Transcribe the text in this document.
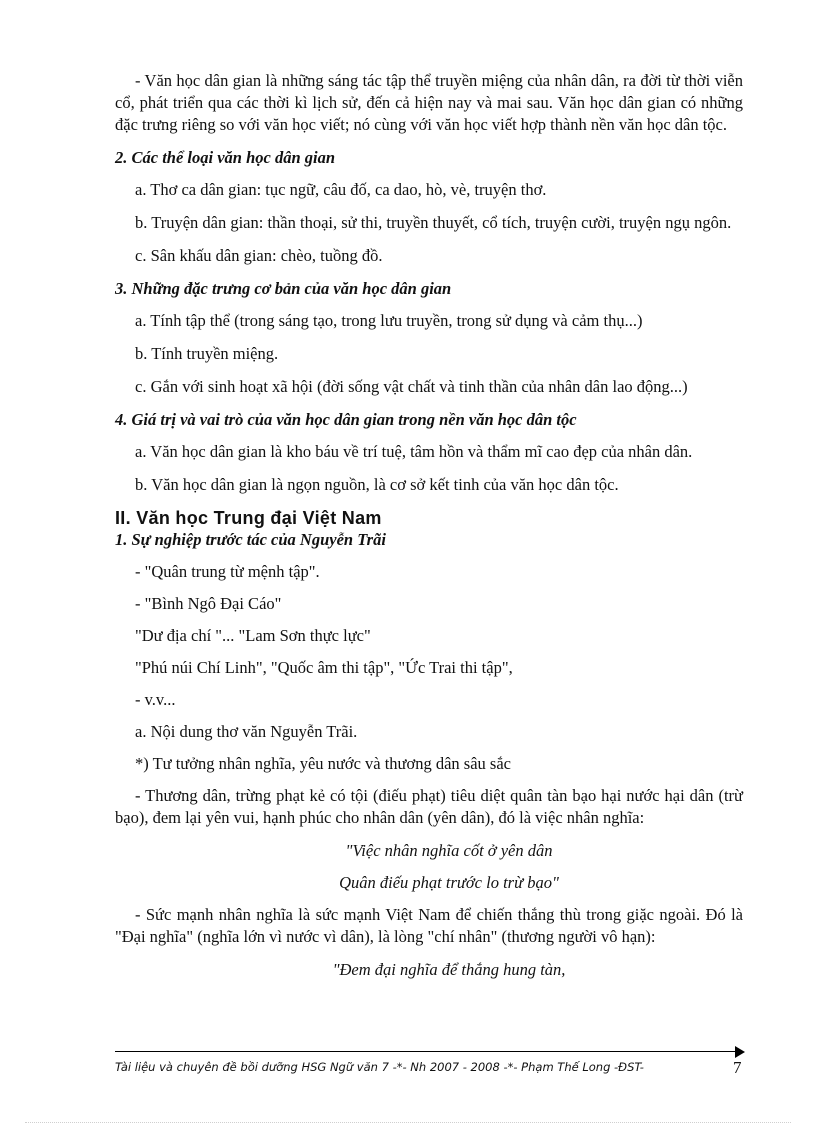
- Văn học dân gian là những sáng tác tập thể truyền miệng của nhân dân, ra đời từ thời viễn cổ, phát triển qua các thời kì lịch sử, đến cả hiện nay và mai sau. Văn học dân gian có những đặc trưng riêng so với văn học viết; nó cùng với văn học viết hợp thành nền văn học dân tộc.

2. Các thể loại văn học dân gian

a. Thơ ca dân gian: tục ngữ, câu đố, ca dao, hò, vè, truyện thơ.

b. Truyện dân gian: thần thoại, sử thi, truyền thuyết, cổ tích, truyện cười, truyện ngụ ngôn.

c. Sân khấu dân gian: chèo, tuồng đồ.

3. Những đặc trưng cơ bản của văn học dân gian

a. Tính tập thể (trong sáng tạo, trong lưu truyền, trong sử dụng và cảm thụ...)

b. Tính truyền miệng.

c. Gắn với sinh hoạt xã hội (đời sống vật chất và tinh thần của nhân dân lao động...)

4. Giá trị và vai trò của văn học dân gian trong nền văn học dân tộc

a. Văn học dân gian là kho báu về trí tuệ, tâm hồn và thẩm mĩ cao đẹp của nhân dân.

b. Văn học dân gian là ngọn nguồn, là cơ sở kết tinh của văn học dân tộc.

II. Văn học Trung đại Việt Nam
1. Sự nghiệp trước tác của Nguyễn Trãi

- "Quân trung từ mệnh tập".

- "Bình Ngô Đại Cáo"

"Dư địa chí "... "Lam Sơn thực lực"

"Phú núi Chí Linh", "Quốc âm thi tập", "Ức Trai thi tập",

- v.v...

a. Nội dung thơ văn Nguyễn Trãi.

*) Tư tưởng nhân nghĩa, yêu nước và thương dân sâu sắc

- Thương dân, trừng phạt kẻ có tội (điếu phạt) tiêu diệt quân tàn bạo hại nước hại dân (trừ bạo), đem lại yên vui, hạnh phúc cho nhân dân (yên dân), đó là việc nhân nghĩa:

"Việc nhân nghĩa cốt ở yên dân
Quân điếu phạt trước lo trừ bạo"

- Sức mạnh nhân nghĩa là sức mạnh Việt Nam để chiến thắng thù trong giặc ngoài. Đó là "Đại nghĩa" (nghĩa lớn vì nước vì dân), là lòng "chí nhân" (thương người vô hạn):

"Đem đại nghĩa để thắng hung tàn,
Tài liệu và chuyên đề bồi dưỡng HSG Ngữ văn 7 -*- Nh 2007 - 2008 -*- Phạm Thế Long -ĐST-	7
